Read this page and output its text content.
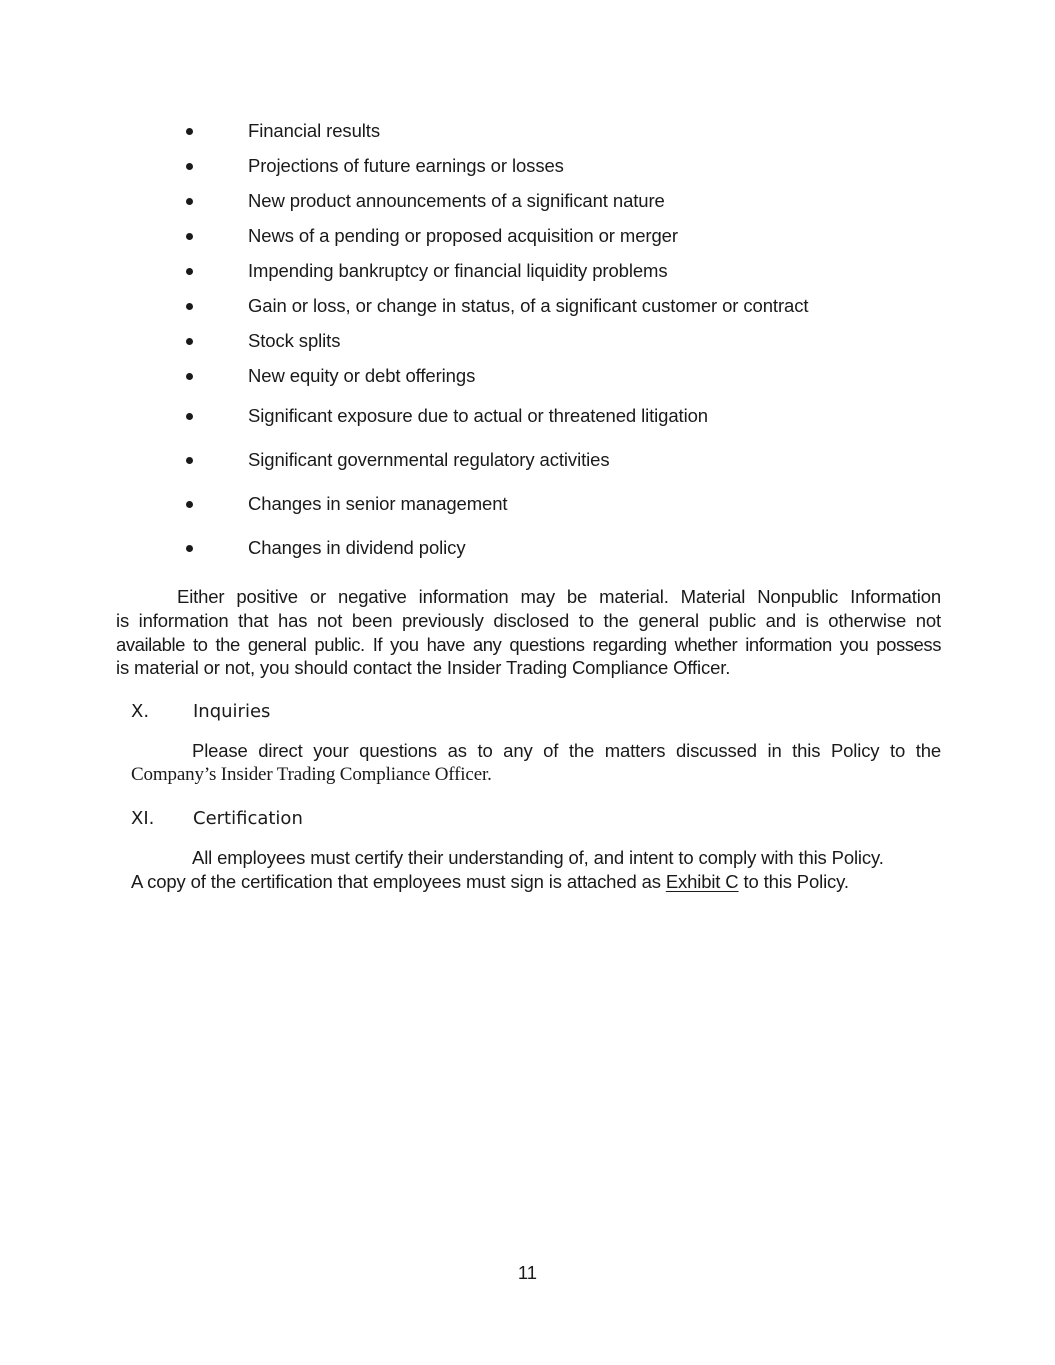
Financial results
Projections of future earnings or losses
New product announcements of a significant nature
News of a pending or proposed acquisition or merger
Impending bankruptcy or financial liquidity problems
Gain or loss, or change in status, of a significant customer or contract
Stock splits
New equity or debt offerings
Significant exposure due to actual or threatened litigation
Significant governmental regulatory activities
Changes in senior management
Changes in dividend policy
Either positive or negative information may be material. Material Nonpublic Information
is information that has not been previously disclosed to the general public and is otherwise not
available to the general public. If you have any questions regarding whether information you possess
is material or not, you should contact the Insider Trading Compliance Officer.
X. Inquiries
Please direct your questions as to any of the matters discussed in this Policy to the
Company’s Insider Trading Compliance Officer.
XI. Certification
All employees must certify their understanding of, and intent to comply with this Policy.
A copy of the certification that employees must sign is attached as Exhibit C to this Policy.
11
